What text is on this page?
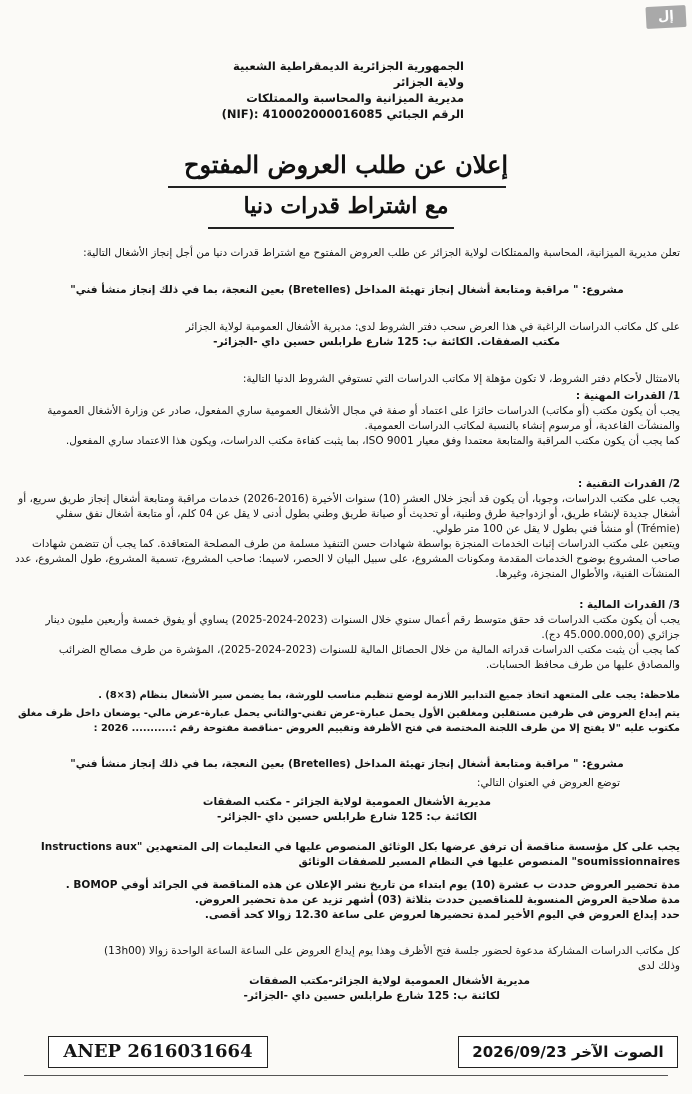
إل
الجمهورية الجزائرية الديمقراطية الشعبية
ولاية الجزائر
مديرية الميزانية والمحاسبة والممتلكات
الرقم الجبائي 410002000016085 :(NIF)
إعلان عن طلب العروض المفتوح
مع اشتراط قدرات دنيا
تعلن مديرية الميزانية، المحاسبة والممتلكات لولاية الجزائر عن طلب العروض المفتوح مع اشتراط قدرات دنيا من أجل إنجاز الأشغال التالية:
مشروع: " مراقبة ومتابعة أشغال إنجاز تهيئة المداخل (Bretelles) بعين النعجة، بما في ذلك إنجاز منشأ فني"
على كل مكاتب الدراسات الراغبة في هذا العرض سحب دفتر الشروط لدى: مديرية الأشغال العمومية لولاية الجزائر
مكتب الصفقات. الكائنة ب: 125 شارع طرابلس حسين داي -الجزائر-
بالامتثال لأحكام دفتر الشروط، لا تكون مؤهلة إلا مكاتب الدراسات التي تستوفي الشروط الدنيا التالية:
1/ القدرات المهنية :
يجب أن يكون مكتب (أو مكاتب) الدراسات حائزا على اعتماد أو صفة في مجال الأشغال العمومية ساري المفعول، صادر عن وزارة الأشغال العمومية والمنشآت القاعدية، أو مرسوم إنشاء بالنسبة لمكاتب الدراسات العمومية.
كما يجب أن يكون مكتب المراقبة والمتابعة معتمدا وفق معيار ISO 9001، بما يثبت كفاءة مكتب الدراسات، ويكون هذا الاعتماد ساري المفعول.
2/ القدرات التقنية :
يجب على مكتب الدراسات، وجوبا، أن يكون قد أنجز خلال العشر (10) سنوات الأخيرة (2016-2026) خدمات مراقبة ومتابعة أشغال إنجاز طريق سريع، أو أشغال جديدة لإنشاء طريق، أو ازدواجية طرق وطنية، أو تحديث أو صيانة طريق وطني بطول أدنى لا يقل عن 04 كلم، أو متابعة أشغال نفق سفلي (Trémie) أو منشأ فني بطول لا يقل عن 100 متر طولي.
ويتعين على مكتب الدراسات إثبات الخدمات المنجزة بواسطة شهادات حسن التنفيذ مسلمة من طرف المصلحة المتعاقدة. كما يجب أن تتضمن شهادات صاحب المشروع بوضوح الخدمات المقدمة ومكونات المشروع، على سبيل البيان لا الحصر، لاسيما: صاحب المشروع، تسمية المشروع، طول المشروع، عدد المنشآت الفنية، والأطوال المنجزة، وغيرها.
3/ القدرات المالية :
يجب أن يكون مكتب الدراسات قد حقق متوسط رقم أعمال سنوي خلال السنوات (2023-2024-2025) يساوي أو يفوق خمسة وأربعين مليون دينار جزائري (45.000.000,00 دج).
كما يجب أن يثبت مكتب الدراسات قدراته المالية من خلال الحصائل المالية للسنوات (2023-2024-2025)، المؤشرة من طرف مصالح الضرائب والمصادق عليها من طرف محافظ الحسابات.
ملاحظة: يجب على المتعهد اتخاذ جميع التدابير اللازمة لوضع تنظيم مناسب للورشة، بما يضمن سير الأشغال بنظام (3×8) .
يتم إيداع العروض في ظرفين مستقلين ومغلقين الأول يحمل عبارة-عرض تقني-والثاني يحمل عبارة-عرض مالي- يوضعان داخل ظرف مغلق مكتوب عليه "لا يفتح إلا من طرف اللجنة المختصة في فتح الأظرفة وتقييم العروض -مناقصة مفتوحة رقم :........... 2026 :
مشروع: " مراقبة ومتابعة أشغال إنجاز تهيئة المداخل (Bretelles) بعين النعجة، بما في ذلك إنجاز منشأ فني"
توضع العروض في العنوان التالي:
مديرية الأشغال العمومية لولاية الجزائر - مكتب الصفقات
الكائنة ب: 125 شارع طرابلس حسين داي -الجزائر-
يجب على كل مؤسسة مناقصة أن ترفق عرضها بكل الوثائق المنصوص عليها في التعليمات إلى المتعهدين "Instructions aux soumissionnaires" المنصوص عليها في النظام المسير للصفقات الوثائق
مدة تحضير العروض حددت ب عشرة (10) يوم ابتداء من تاريخ نشر الإعلان عن هذه المناقصة في الجرائد أوفي BOMOP .
مدة صلاحية العروض المنسوبة للمناقصين حددت بثلاثة (03) أشهر تزيد عن مدة تحضير العروض.
حدد إيداع العروض في اليوم الأخير لمدة تحضيرها لعروض على ساعة 12.30 زوالا كحد أقصى.
كل مكاتب الدراسات المشاركة مدعوة لحضور جلسة فتح الأظرف وهذا يوم إيداع العروض على الساعة الساعة الواحدة زوالا (13h00)
وذلك لدى
مديرية الأشغال العمومية لولاية الجزائر-مكتب الصفقات
لكائنة ب: 125 شارع طرابلس حسين داي -الجزائر-
ANEP 2616031664	الصوت الآخر 2026/09/23
